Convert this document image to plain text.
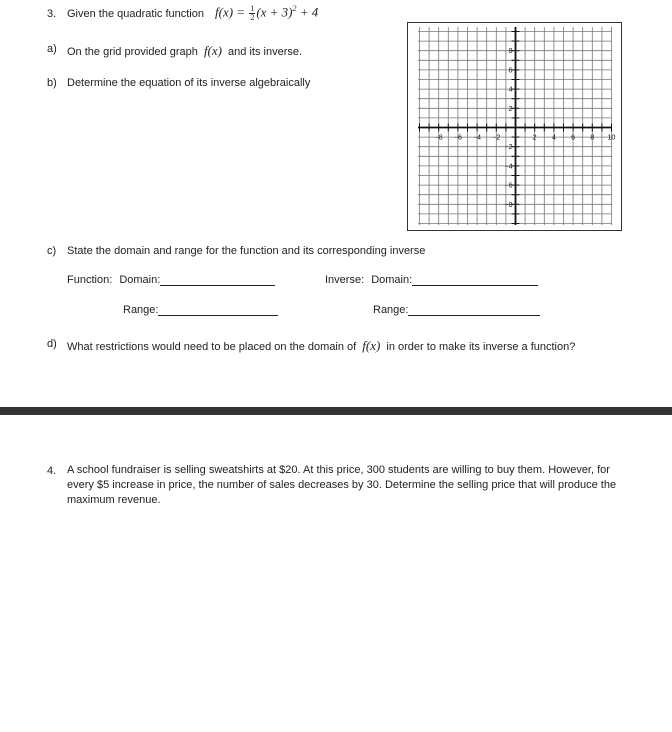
3. Given the quadratic function $f(x) = \frac{1}{2} (x + 3)^2 + 4$
a) On the grid provided graph f(x) and its inverse.
b) Determine the equation of its inverse algebraically
−8 −6 −4 −2	2 4 6 8 10
8
6
4
2
−2
−4
−6
−8
c) State the domain and range for the function and its corresponding inverse
Function: Domain:	Inverse: Domain:
Range:	Range:
d) What restrictions would need to be placed on the domain of f(x) in order to make its inverse a function?
4. A school fundraiser is selling sweatshirts at $20. At this price, 300 students are willing to buy them. However, for every $5 increase in price, the number of sales decreases by 30. Determine the selling price that will produce the maximum revenue.
